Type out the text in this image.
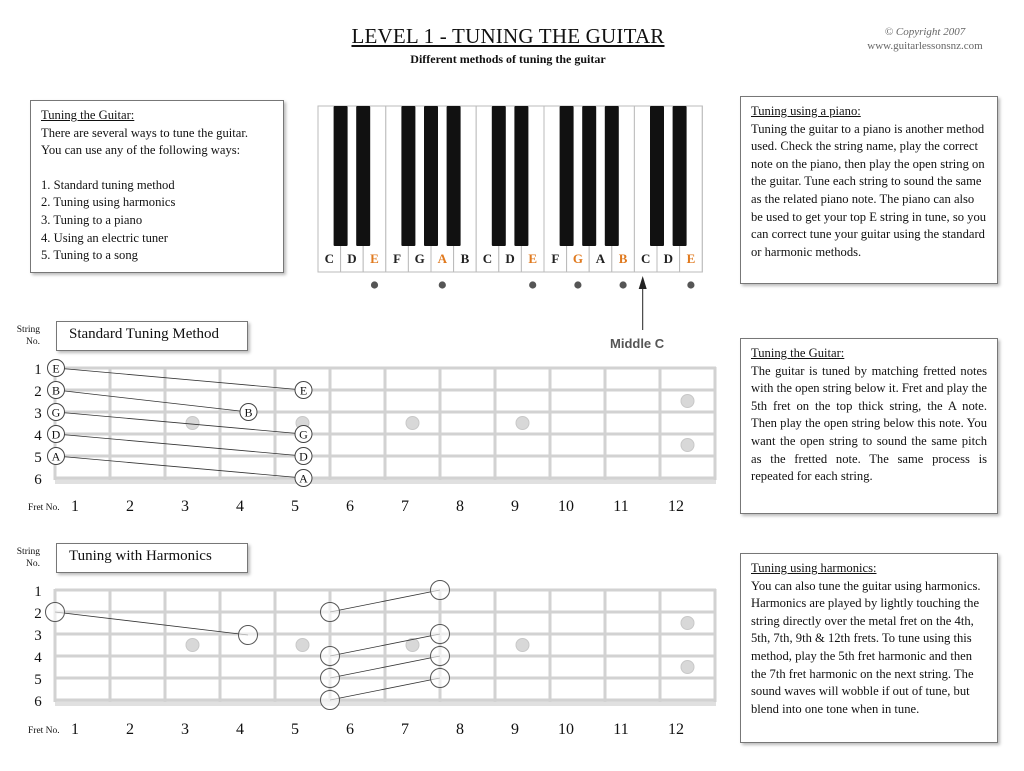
LEVEL 1 - TUNING THE GUITAR
Different methods of tuning the guitar
© Copyright 2007
www.guitarlessonsnz.com

Tuning the Guitar:

There are several ways to tune the guitar.

You can use any of the following ways:

1. Standard tuning method

2. Tuning using harmonics

3. Tuning to a piano

4. Using an electric tuner

5. Tuning to a song

Tuning using a piano:

Tuning the guitar to a piano is another method used. Check the string name, play the correct note on the piano, then play the open string on the guitar. Tune each string to sound the same as the related piano note. The piano can also be used to get your top E string in tune, so you can correct tune your guitar using the standard or harmonic methods.

Tuning the Guitar:

The guitar is tuned by matching fretted notes with the open string below it. Fret and play the 5th fret on the top thick string, the A note. Then play the open string below this note. You want the open string to sound the same pitch as the fretted note. The same process is repeated for each string.

Tuning using harmonics:

You can also tune the guitar using harmonics. Harmonics are played by lightly touching the string directly over the metal fret on the 4th, 5th, 7th, 9th & 12th frets. To tune using this method, play the 5th fret harmonic and then the 7th fret harmonic on the next string. The sound waves will wobble if out of tune, but blend into one tone when in tune.

Standard Tuning Method
Tuning with Harmonics
String No.
String No.
Middle C
C D E F G A B C D E F G A B C D E
1
2
3
4
5
6
Fret No. 1	2	3	4	5	6	7	8	9 10 11 12
E
B
G
D
A
E
B
G
D
A
1
2
3
4
5
6
Fret No. 1	2	3	4	5	6	7	8	9 10 11 12
